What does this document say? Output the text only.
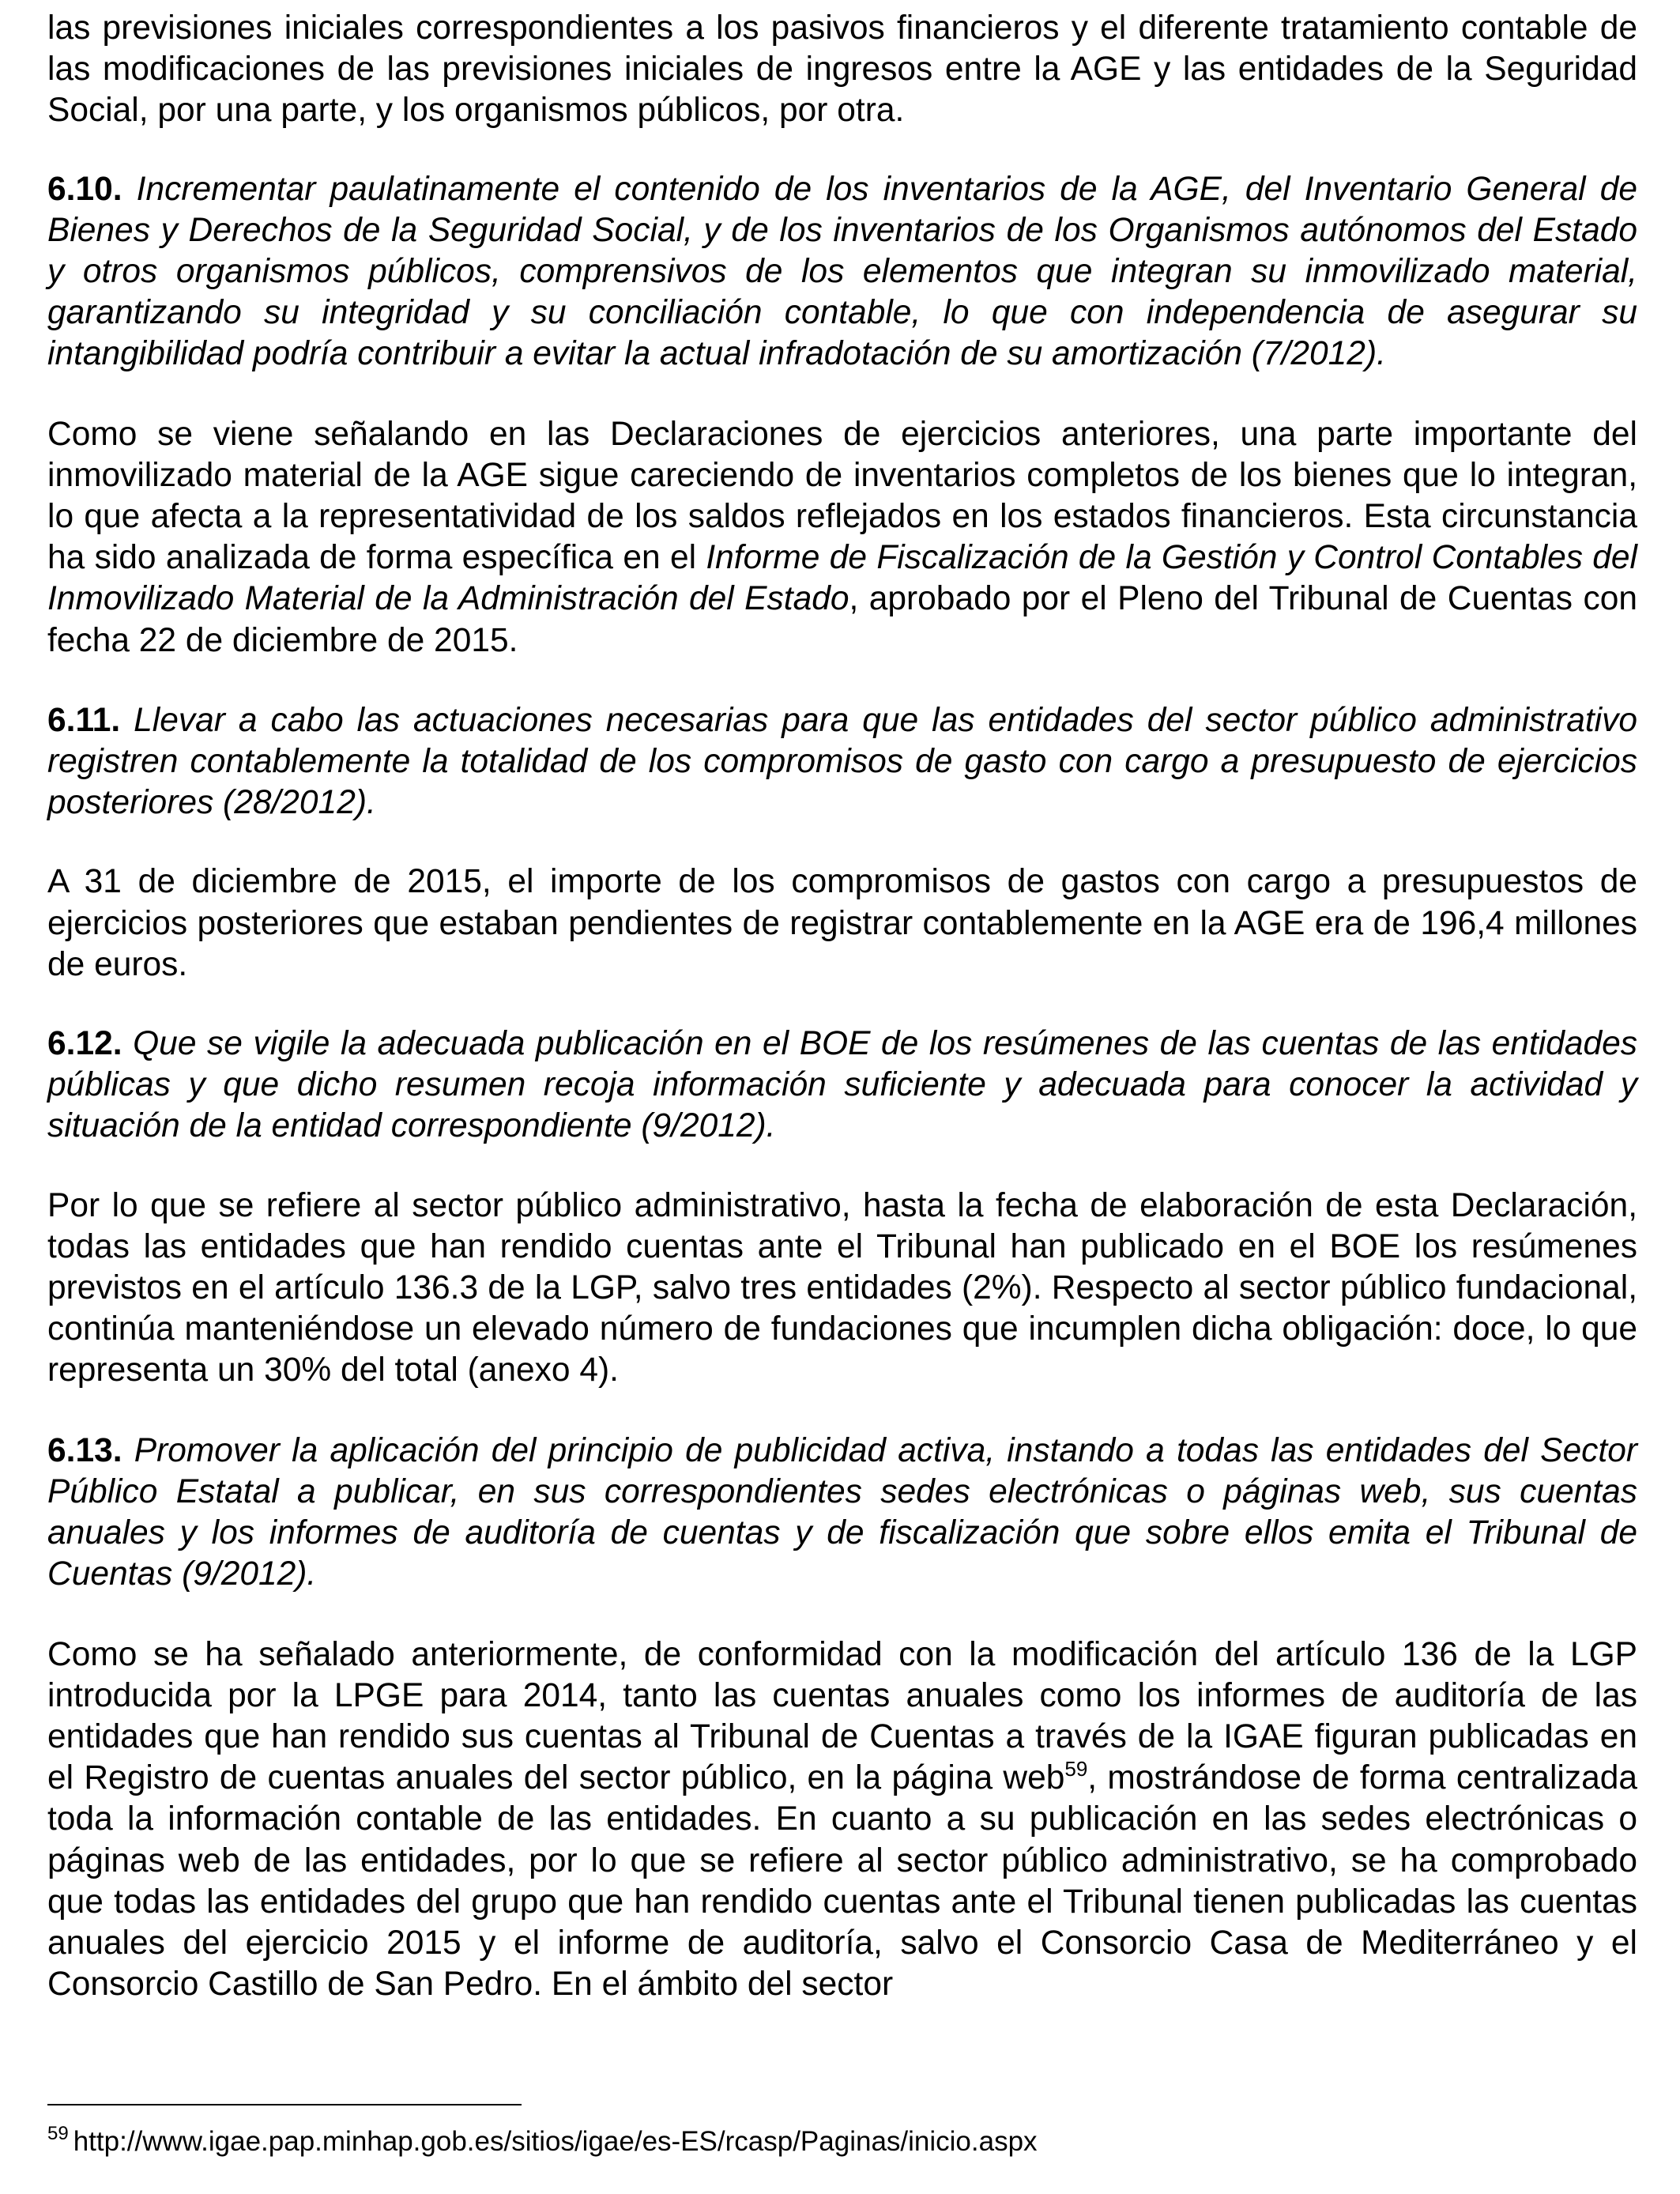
las previsiones iniciales correspondientes a los pasivos financieros y el diferente tratamiento contable de las modificaciones de las previsiones iniciales de ingresos entre la AGE y las entidades de la Seguridad Social, por una parte, y los organismos públicos, por otra.

6.10. Incrementar paulatinamente el contenido de los inventarios de la AGE, del Inventario General de Bienes y Derechos de la Seguridad Social, y de los inventarios de los Organismos autónomos del Estado y otros organismos públicos, comprensivos de los elementos que integran su inmovilizado material, garantizando su integridad y su conciliación contable, lo que con independencia de asegurar su intangibilidad podría contribuir a evitar la actual infradotación de su amortización (7/2012).

Como se viene señalando en las Declaraciones de ejercicios anteriores, una parte importante del inmovilizado material de la AGE sigue careciendo de inventarios completos de los bienes que lo integran, lo que afecta a la representatividad de los saldos reflejados en los estados financieros. Esta circunstancia ha sido analizada de forma específica en el Informe de Fiscalización de la Gestión y Control Contables del Inmovilizado Material de la Administración del Estado, aprobado por el Pleno del Tribunal de Cuentas con fecha 22 de diciembre de 2015.

6.11. Llevar a cabo las actuaciones necesarias para que las entidades del sector público administrativo registren contablemente la totalidad de los compromisos de gasto con cargo a presupuesto de ejercicios posteriores (28/2012).

A 31 de diciembre de 2015, el importe de los compromisos de gastos con cargo a presupuestos de ejercicios posteriores que estaban pendientes de registrar contablemente en la AGE era de 196,4 millones de euros.

6.12. Que se vigile la adecuada publicación en el BOE de los resúmenes de las cuentas de las entidades públicas y que dicho resumen recoja información suficiente y adecuada para conocer la actividad y situación de la entidad correspondiente (9/2012).

Por lo que se refiere al sector público administrativo, hasta la fecha de elaboración de esta Declaración, todas las entidades que han rendido cuentas ante el Tribunal han publicado en el BOE los resúmenes previstos en el artículo 136.3 de la LGP, salvo tres entidades (2%). Respecto al sector público fundacional, continúa manteniéndose un elevado número de fundaciones que incumplen dicha obligación: doce, lo que representa un 30% del total (anexo 4).

6.13. Promover la aplicación del principio de publicidad activa, instando a todas las entidades del Sector Público Estatal a publicar, en sus correspondientes sedes electrónicas o páginas web, sus cuentas anuales y los informes de auditoría de cuentas y de fiscalización que sobre ellos emita el Tribunal de Cuentas (9/2012).

Como se ha señalado anteriormente, de conformidad con la modificación del artículo 136 de la LGP introducida por la LPGE para 2014, tanto las cuentas anuales como los informes de auditoría de las entidades que han rendido sus cuentas al Tribunal de Cuentas a través de la IGAE figuran publicadas en el Registro de cuentas anuales del sector público, en la página web$^{59}$, mostrándose de forma centralizada toda la información contable de las entidades. En cuanto a su publicación en las sedes electrónicas o páginas web de las entidades, por lo que se refiere al sector público administrativo, se ha comprobado que todas las entidades del grupo que han rendido cuentas ante el Tribunal tienen publicadas las cuentas anuales del ejercicio 2015 y el informe de auditoría, salvo el Consorcio Casa de Mediterráneo y el Consorcio Castillo de San Pedro. En el ámbito del sector

$^{59}$ http://www.igae.pap.minhap.gob.es/sitios/igae/es-ES/rcasp/Paginas/inicio.aspx
